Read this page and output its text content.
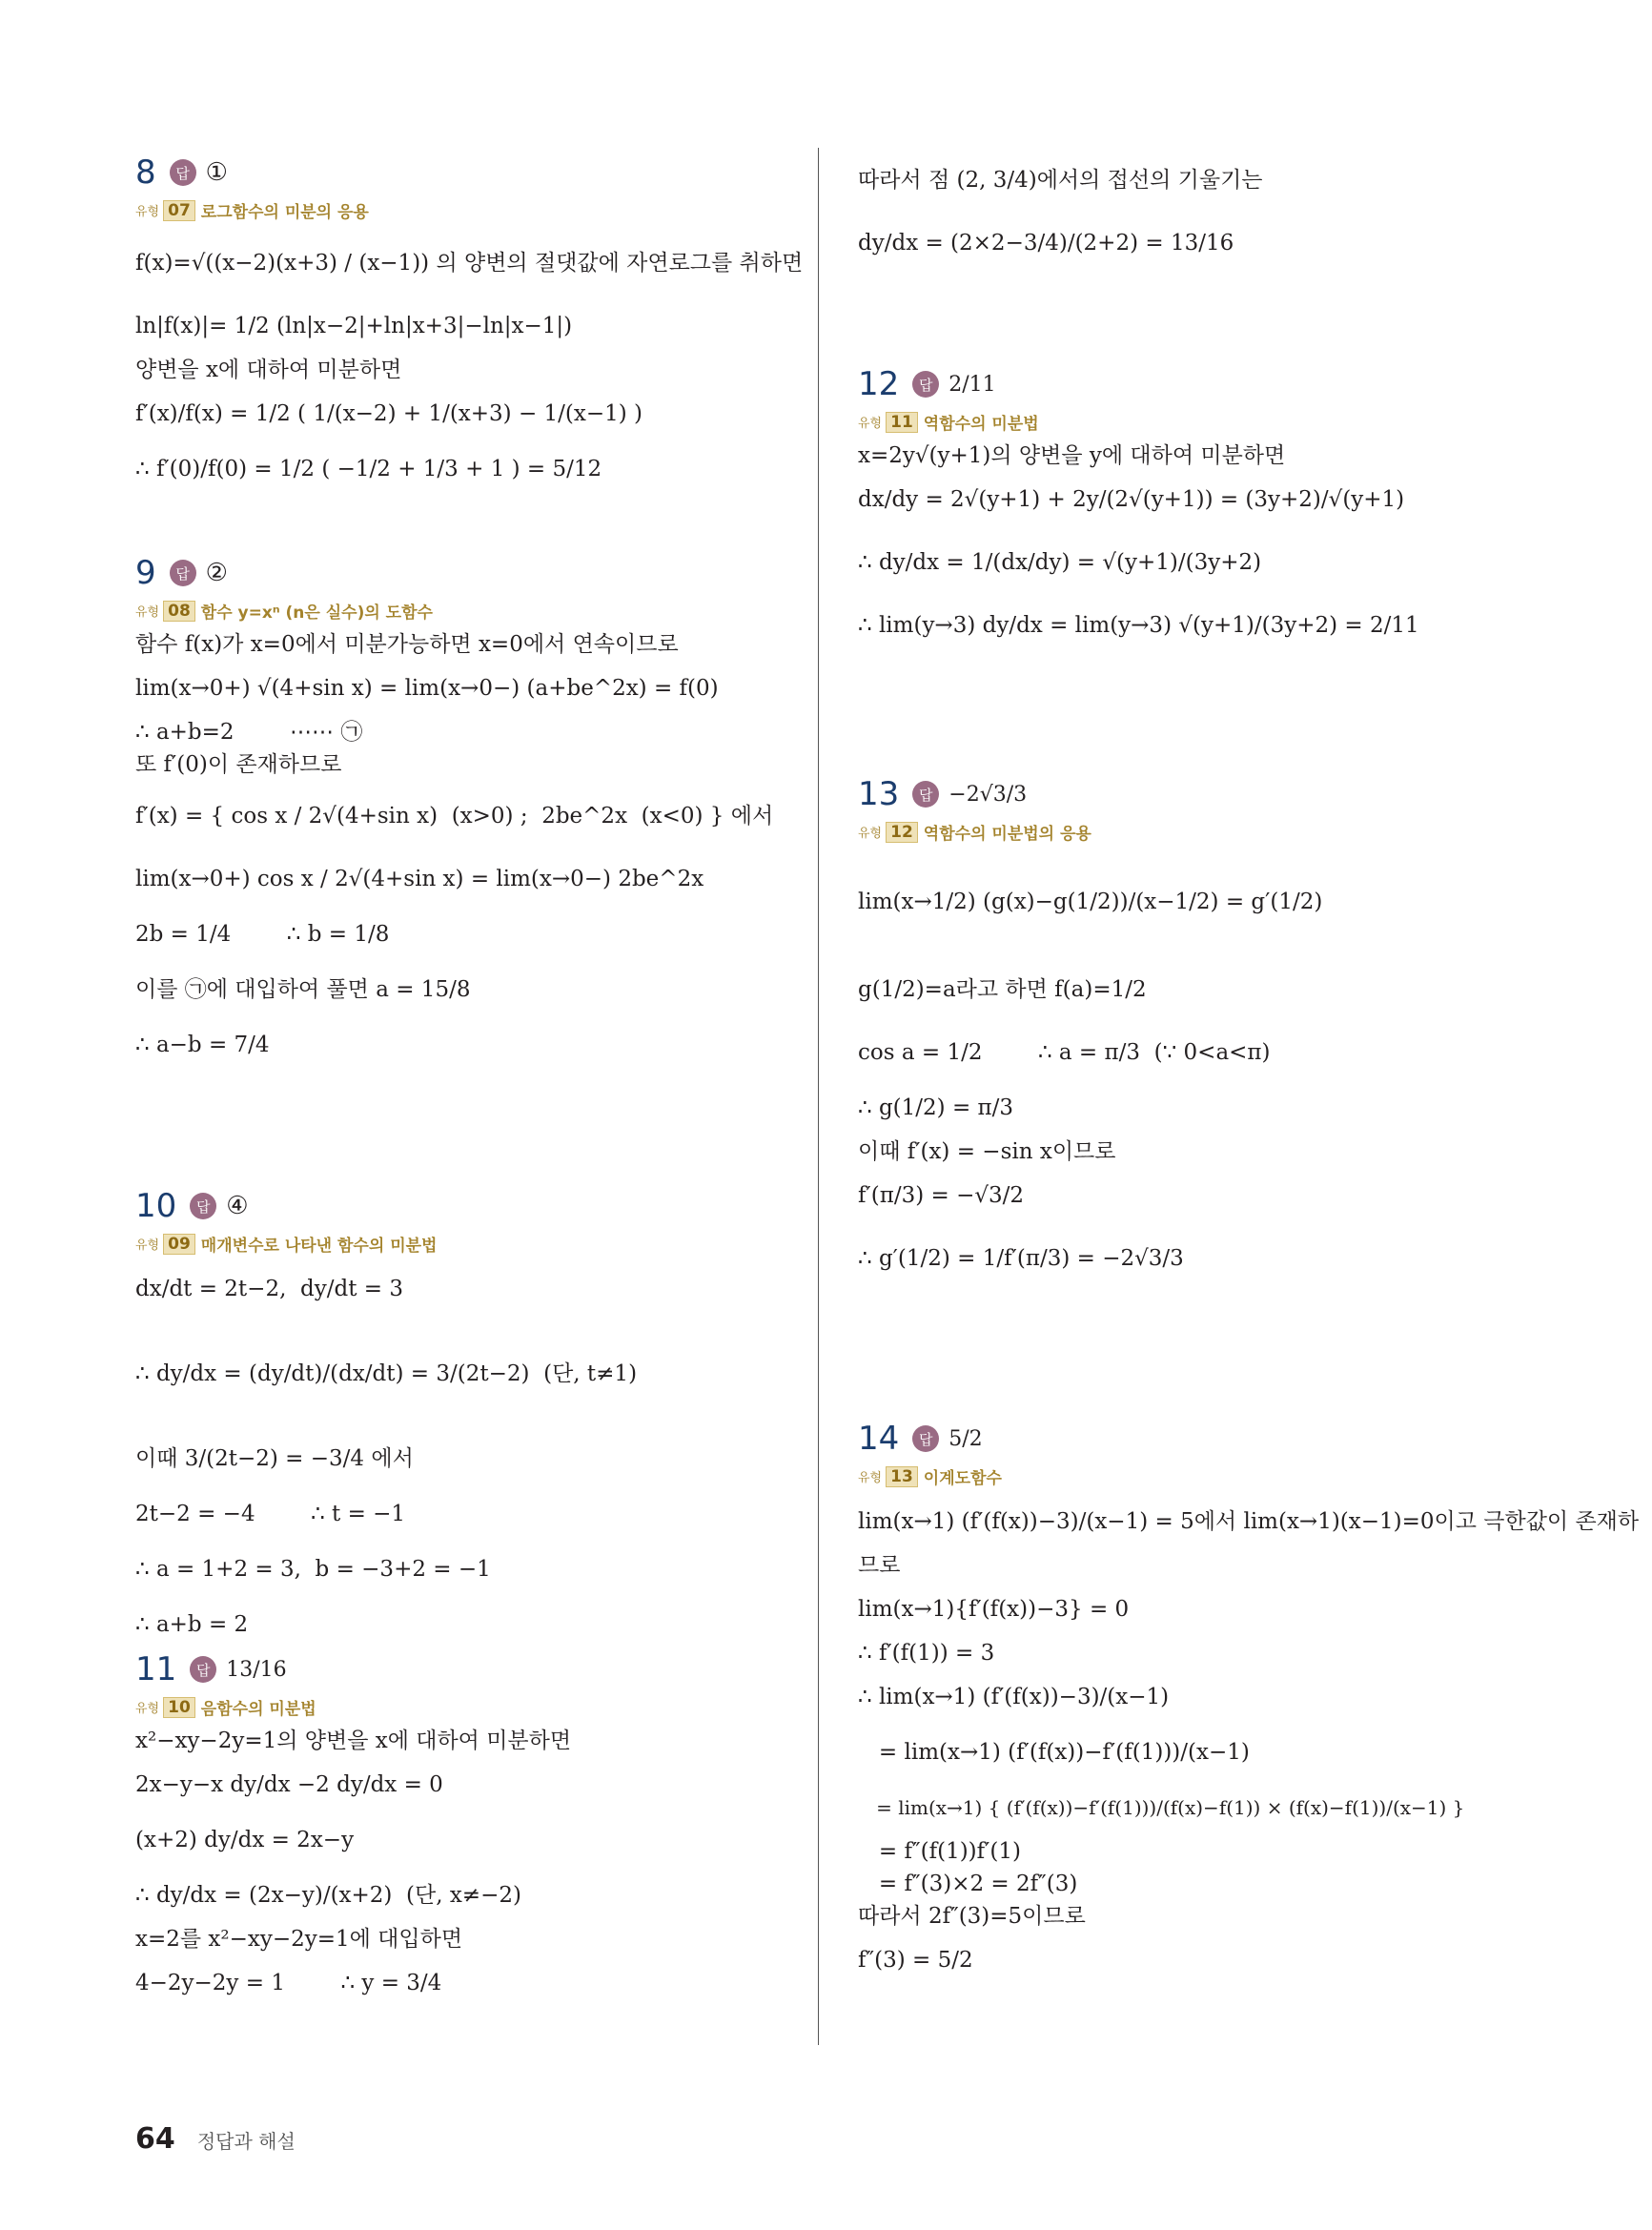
8	답 ①
유형 07 로그함수의 미분의 응용
f(x)=√((x−2)(x+3) / (x−1)) 의 양변의 절댓값에 자연로그를 취하면
ln|f(x)|= 1/2 (ln|x−2|+ln|x+3|−ln|x−1|)
양변을 x에 대하여 미분하면
f′(x)/f(x) = 1/2 ( 1/(x−2) + 1/(x+3) − 1/(x−1) )
∴ f′(0)/f(0) = 1/2 ( −1/2 + 1/3 + 1 ) = 5/12
9	답 ②
유형 08 함수 y=xⁿ (n은 실수)의 도함수
함수 f(x)가 x=0에서 미분가능하면 x=0에서 연속이므로
lim(x→0+) √(4+sin x) = lim(x→0−) (a+be^2x) = f(0)
∴ a+b=2        ⋯⋯ ㉠
또 f′(0)이 존재하므로
f′(x) = { cos x / 2√(4+sin x)  (x>0) ;  2be^2x  (x<0) } 에서
lim(x→0+) cos x / 2√(4+sin x) = lim(x→0−) 2be^2x
2b = 1/4        ∴ b = 1/8
이를 ㉠에 대입하여 풀면 a = 15/8
∴ a−b = 7/4
10	답 ④
유형 09 매개변수로 나타낸 함수의 미분법
dx/dt = 2t−2,  dy/dt = 3
∴ dy/dx = (dy/dt)/(dx/dt) = 3/(2t−2)  (단, t≠1)
이때 3/(2t−2) = −3/4 에서
2t−2 = −4        ∴ t = −1
∴ a = 1+2 = 3,  b = −3+2 = −1
∴ a+b = 2
11	답 13/16
유형 10 음함수의 미분법
x²−xy−2y=1의 양변을 x에 대하여 미분하면
2x−y−x dy/dx −2 dy/dx = 0
(x+2) dy/dx = 2x−y
∴ dy/dx = (2x−y)/(x+2)  (단, x≠−2)
x=2를 x²−xy−2y=1에 대입하면
4−2y−2y = 1        ∴ y = 3/4
따라서 점 (2, 3/4)에서의 접선의 기울기는
dy/dx = (2×2−3/4)/(2+2) = 13/16
12	답 2/11
유형 11 역함수의 미분법
x=2y√(y+1)의 양변을 y에 대하여 미분하면
dx/dy = 2√(y+1) + 2y/(2√(y+1)) = (3y+2)/√(y+1)
∴ dy/dx = 1/(dx/dy) = √(y+1)/(3y+2)
∴ lim(y→3) dy/dx = lim(y→3) √(y+1)/(3y+2) = 2/11
13	답 −2√3/3
유형 12 역함수의 미분법의 응용
lim(x→1/2) (g(x)−g(1/2))/(x−1/2) = g′(1/2)
g(1/2)=a라고 하면 f(a)=1/2
cos a = 1/2        ∴ a = π/3  (∵ 0<a<π)
∴ g(1/2) = π/3
이때 f′(x) = −sin x이므로
f′(π/3) = −√3/2
∴ g′(1/2) = 1/f′(π/3) = −2√3/3
14	답 5/2
유형 13 이계도함수
lim(x→1) (f′(f(x))−3)/(x−1) = 5에서 lim(x→1)(x−1)=0이고 극한값이 존재하
므로
lim(x→1){f′(f(x))−3} = 0
∴ f′(f(1)) = 3
∴ lim(x→1) (f′(f(x))−3)/(x−1)
= lim(x→1) (f′(f(x))−f′(f(1)))/(x−1)
= lim(x→1) { (f′(f(x))−f′(f(1)))/(f(x)−f(1)) × (f(x)−f(1))/(x−1) }
= f″(f(1))f′(1)
= f″(3)×2 = 2f″(3)
따라서 2f″(3)=5이므로
f″(3) = 5/2
64 정답과 해설
